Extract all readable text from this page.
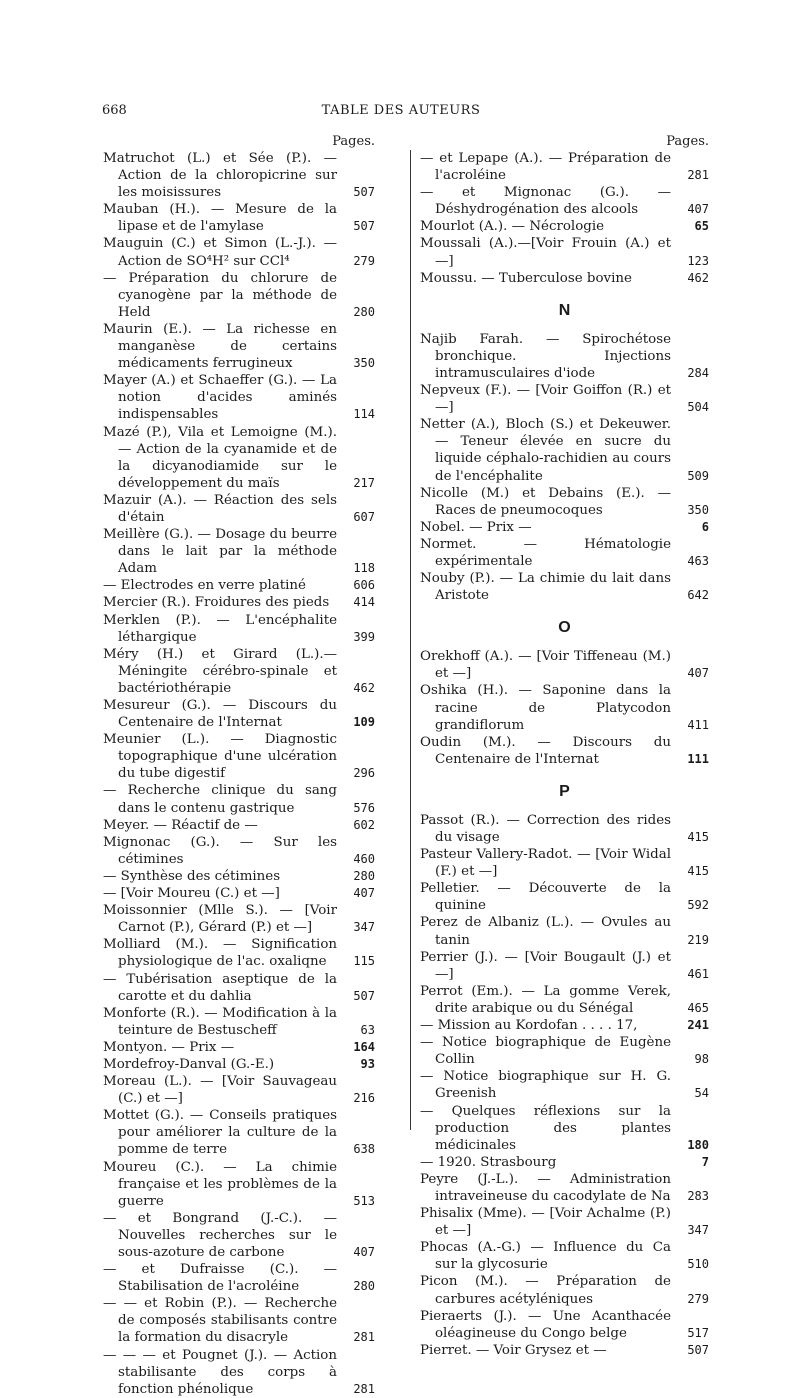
668	TABLE DES AUTEURS
Pages.
Matruchot (L.) et Sée (P.). — Action de la chloropicrine sur les moisissures	507
Mauban (H.). — Mesure de la lipase et de l'amylase	507
Mauguin (C.) et Simon (L.-J.). — Action de SO⁴H² sur CCl⁴	279
— Préparation du chlorure de cyanogène par la méthode de Held	280
Maurin (E.). — La richesse en manganèse de certains médicaments ferrugineux	350
Mayer (A.) et Schaeffer (G.). — La notion d'acides aminés indispensables	114
Mazé (P.), Vila et Lemoigne (M.). — Action de la cyanamide et de la dicyanodiamide sur le développement du maïs	217
Mazuir (A.). — Réaction des sels d'étain	607
Meillère (G.). — Dosage du beurre dans le lait par la méthode Adam	118
— Electrodes en verre platiné	606
Mercier (R.). Froidures des pieds	414
Merklen (P.). — L'encéphalite léthargique	399
Méry (H.) et Girard (L.).—Méningite cérébro-spinale et bactériothérapie	462
Mesureur (G.). — Discours du Centenaire de l'Internat	109
Meunier (L.). — Diagnostic topographique d'une ulcération du tube digestif	296
— Recherche clinique du sang dans le contenu gastrique	576
Meyer. — Réactif de —	602
Mignonac (G.). — Sur les cétimines	460
— Synthèse des cétimines	280
— [Voir Moureu (C.) et —]	407
Moissonnier (Mlle S.). — [Voir Carnot (P.), Gérard (P.) et —]	347
Molliard (M.). — Signification physiologique de l'ac. oxaliqne	115
— Tubérisation aseptique de la carotte et du dahlia	507
Monforte (R.). — Modification à la teinture de Bestuscheff	63
Montyon. — Prix —	164
Mordefroy-Danval (G.-E.)	93
Moreau (L.). — [Voir Sauvageau (C.) et —]	216
Mottet (G.). — Conseils pratiques pour améliorer la culture de la pomme de terre	638
Moureu (C.). — La chimie française et les problèmes de la guerre	513
— et Bongrand (J.-C.). — Nouvelles recherches sur le sous-azoture de carbone	407
— et Dufraisse (C.). — Stabilisation de l'acroléine	280
— — et Robin (P.). — Recherche de composés stabilisants contre la formation du disacryle	281
— — — et Pougnet (J.). — Action stabilisante des corps à fonction phénolique	281
Pages.
— et Lepape (A.). — Préparation de l'acroléine	281
— et Mignonac (G.). — Déshydrogénation des alcools	407
Mourlot (A.). — Nécrologie	65
Moussali (A.).—[Voir Frouin (A.) et—]	123
Moussu. — Tuberculose bovine	462
N
Najib Farah. — Spirochétose bronchique. Injections intramusculaires d'iode	284
Nepveux (F.). — [Voir Goiffon (R.) et —]	504
Netter (A.), Bloch (S.) et Dekeuwer. — Teneur élevée en sucre du liquide céphalo-rachidien au cours de l'encéphalite	509
Nicolle (M.) et Debains (E.). — Races de pneumocoques	350
Nobel. — Prix —	6
Normet. — Hématologie expérimentale	463
Nouby (P.). — La chimie du lait dans Aristote	642
O
Orekhoff (A.). — [Voir Tiffeneau (M.) et —]	407
Oshika (H.). — Saponine dans la racine de Platycodon grandiflorum	411
Oudin (M.). — Discours du Centenaire de l'Internat	111
P
Passot (R.). — Correction des rides du visage	415
Pasteur Vallery-Radot. — [Voir Widal (F.) et —]	415
Pelletier. — Découverte de la quinine	592
Perez de Albaniz (L.). — Ovules au tanin	219
Perrier (J.). — [Voir Bougault (J.) et —]	461
Perrot (Em.). — La gomme Verek, drite arabique ou du Sénégal	465
— Mission au Kordofan . . . . 17,	241
— Notice biographique de Eugène Collin	98
— Notice biographique sur H. G. Greenish	54
— Quelques réflexions sur la production des plantes médicinales	180
— 1920. Strasbourg	7
Peyre (J.-L.). — Administration intraveineuse du cacodylate de Na	283
Phisalix (Mme). — [Voir Achalme (P.) et —]	347
Phocas (A.-G.) — Influence du Ca sur la glycosurie	510
Picon (M.). — Préparation de carbures acétyléniques	279
Pieraerts (J.). — Une Acanthacée oléagineuse du Congo belge	517
Pierret. — Voir Grysez et —	507
